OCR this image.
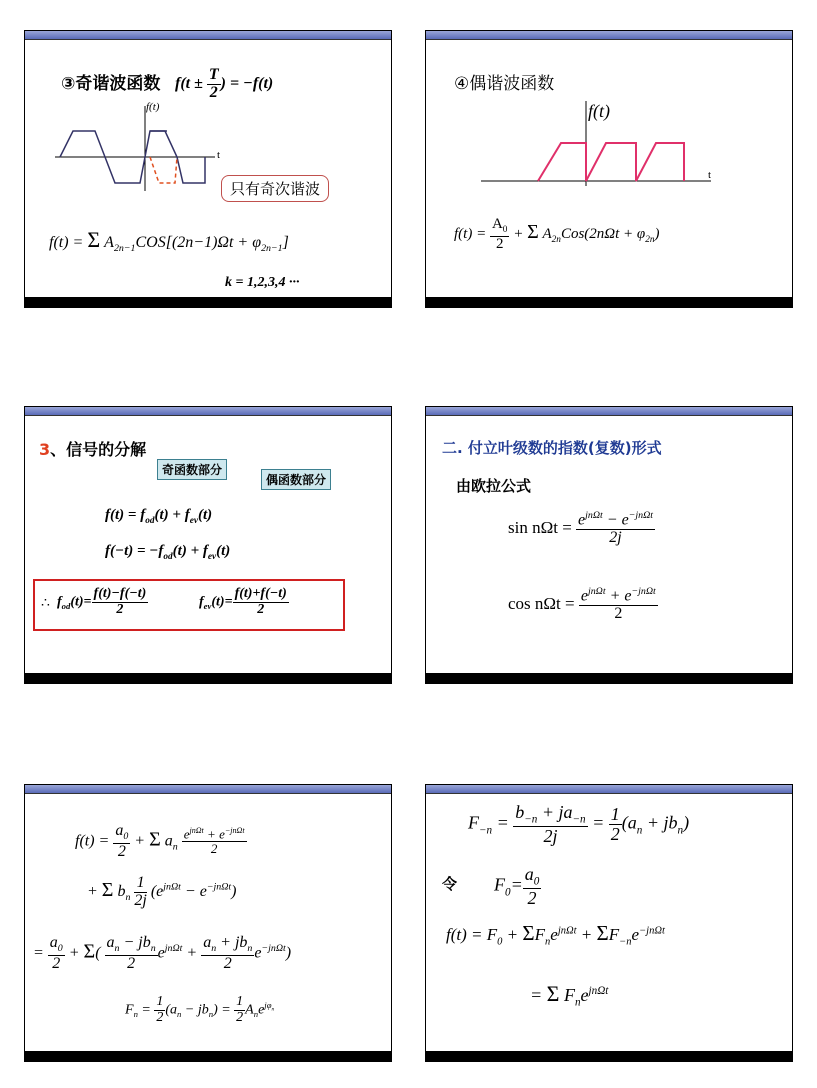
③奇谐波函数 $f(t \pm \frac{T}{2}$ ) = −f(t)
f(t)
t
只有奇次谐波
f(t) = Σ $A_{2n-1}COS[(2n-1)\Omega t + \varphi_{2n-1}]$
k = 1,2,3,4 ···
④偶谐波函数
f(t)
t
$f(t) = \frac{A_0}{2} + \Sigma$ $A_{2n}Cos(2n\Omega t + \varphi_{2n})$
3、信号的分解
奇函数部分
偶函数部分
$f(t) = f_{od}(t) + f_{ev}(t)$
$f(-t) = -f_{od}(t) + f_{ev}(t)$
∴ $f_{od}(t)= \frac{f(t)-f(-t)}{2}$	$f_{ev}(t)= \frac{f(t)+f(-t)}{2}$
二. 付立叶级数的指数(复数)形式
由欧拉公式
$\sin n\Omega t = \frac{e^{jn\Omega t} - e^{-jn\Omega t}}{2j}$
$\cos n\Omega t = \frac{e^{jn\Omega t} + e^{-jn\Omega t}}{2}$
$f(t) = \frac{a_0}{2} + \Sigma$ $a_n \frac{e^{jn\Omega t} + e^{-jn\Omega t}}{2}$
+ Σ $b_n \frac{1}{2j} (e^{jn\Omega t} - e^{-jn\Omega t})$
= $\frac{a_0}{2} + \Sigma( \frac{a_n - jb_n}{2} e^{jn\Omega t} + \frac{a_n + jb_n}{2} e^{-jn\Omega t})$
$F_n = \frac{1}{2} (a_n - jb_n) = \frac{1}{2} A_ne^{j\varphi_n}$
$F_{-n} = \frac{b_{-n} + ja_{-n}}{2j} = \frac{1}{2} (a_n + jb_n)$
令 $F_0= \frac{a_0}{2}$
$f(t) = F_0 + \Sigma F_ne^{jn\Omega t} + \Sigma F_{-n}e^{-jn\Omega t}$
= Σ $F_ne^{jn\Omega t}$
